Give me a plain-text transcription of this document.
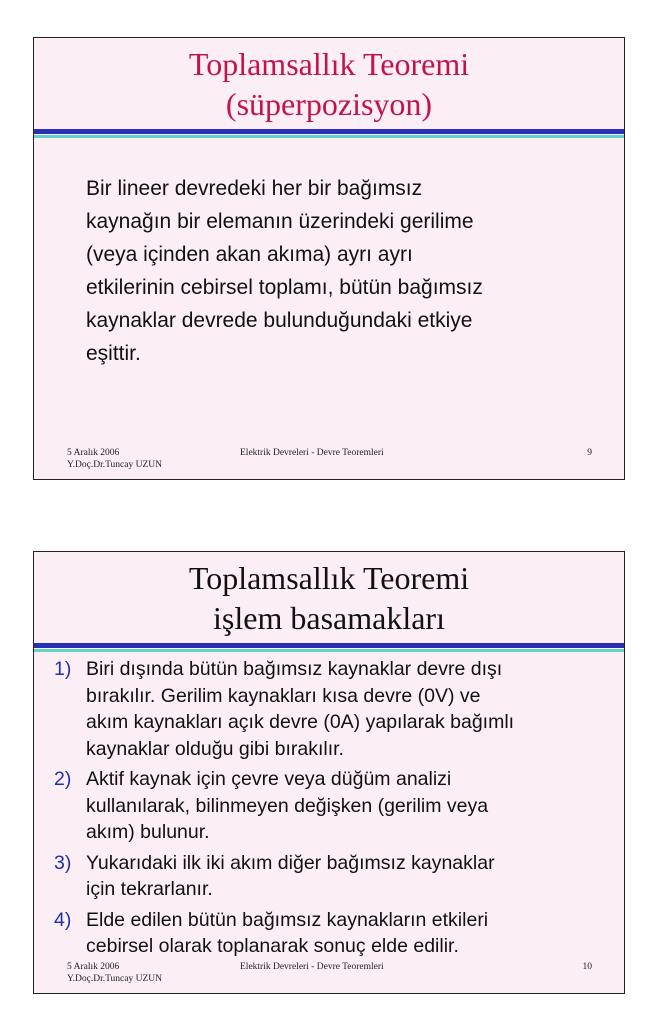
Toplamsallık Teoremi
(süperpozisyon)
Bir lineer devredeki her bir bağımsız
kaynağın bir elemanın üzerindeki gerilime
(veya içinden akan akıma) ayrı ayrı
etkilerinin cebirsel toplamı, bütün bağımsız
kaynaklar devrede bulunduğundaki etkiye
eşittir.
5 Aralık 2006
Y.Doç.Dr.Tuncay UZUN
Elektrik Devreleri - Devre Teoremleri	9
Toplamsallık Teoremi
işlem basamakları
1) Biri dışında bütün bağımsız kaynaklar devre dışı
bırakılır. Gerilim kaynakları kısa devre (0V) ve
akım kaynakları açık devre (0A) yapılarak bağımlı
kaynaklar olduğu gibi bırakılır.
2) Aktif kaynak için çevre veya düğüm analizi
kullanılarak, bilinmeyen değişken (gerilim veya
akım) bulunur.
3) Yukarıdaki ilk iki akım diğer bağımsız kaynaklar
için tekrarlanır.
4) Elde edilen bütün bağımsız kaynakların etkileri
cebirsel olarak toplanarak sonuç elde edilir.
5 Aralık 2006
Y.Doç.Dr.Tuncay UZUN
Elektrik Devreleri - Devre Teoremleri	10
